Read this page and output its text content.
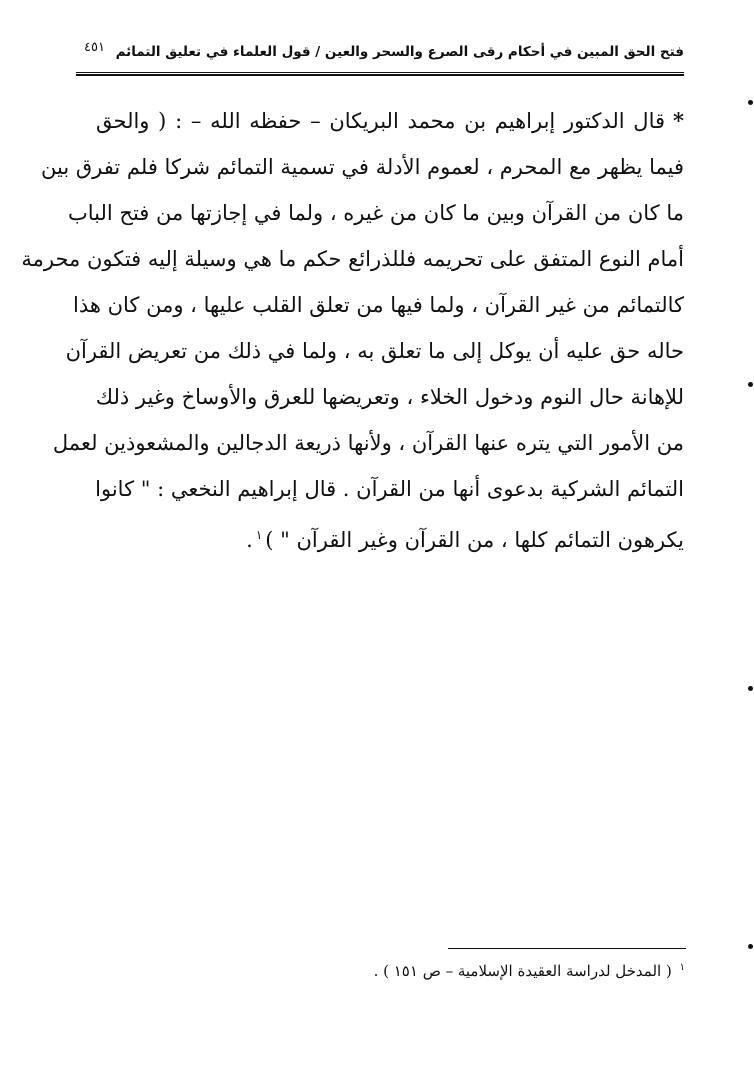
فتح الحق المبين في أحكام رقى الصرع والسحر والعين / قول العلماء في تعليق التمائم
٤٥١
*قال الدكتور إبراهيم بن محمد البريكان – حفظه الله – : ( والحق
فيما يظهر مع المحرم ، لعموم الأدلة في تسمية التمائم شركا فلم تفرق بين
ما كان من القرآن وبين ما كان من غيره ، ولما في إجازتها من فتح الباب
أمام النوع المتفق على تحريمه فللذرائع حكم ما هي وسيلة إليه فتكون محرمة
كالتمائم من غير القرآن ، ولما فيها من تعلق القلب عليها ، ومن كان هذا
حاله حق عليه أن يوكل إلى ما تعلق به ، ولما في ذلك من تعريض القرآن
للإهانة حال النوم ودخول الخلاء ، وتعريضها للعرق والأوساخ وغير ذلك
من الأمور التي يتره عنها القرآن ، ولأنها ذريعة الدجالين والمشعوذين لعمل
التمائم الشركية بدعوى أنها من القرآن . قال إبراهيم النخعي : " كانوا
يكرهون التمائم كلها ، من القرآن وغير القرآن " )$^١$.
$^١$ ( المدخل لدراسة العقيدة الإسلامية – ص ١٥١ ) .
